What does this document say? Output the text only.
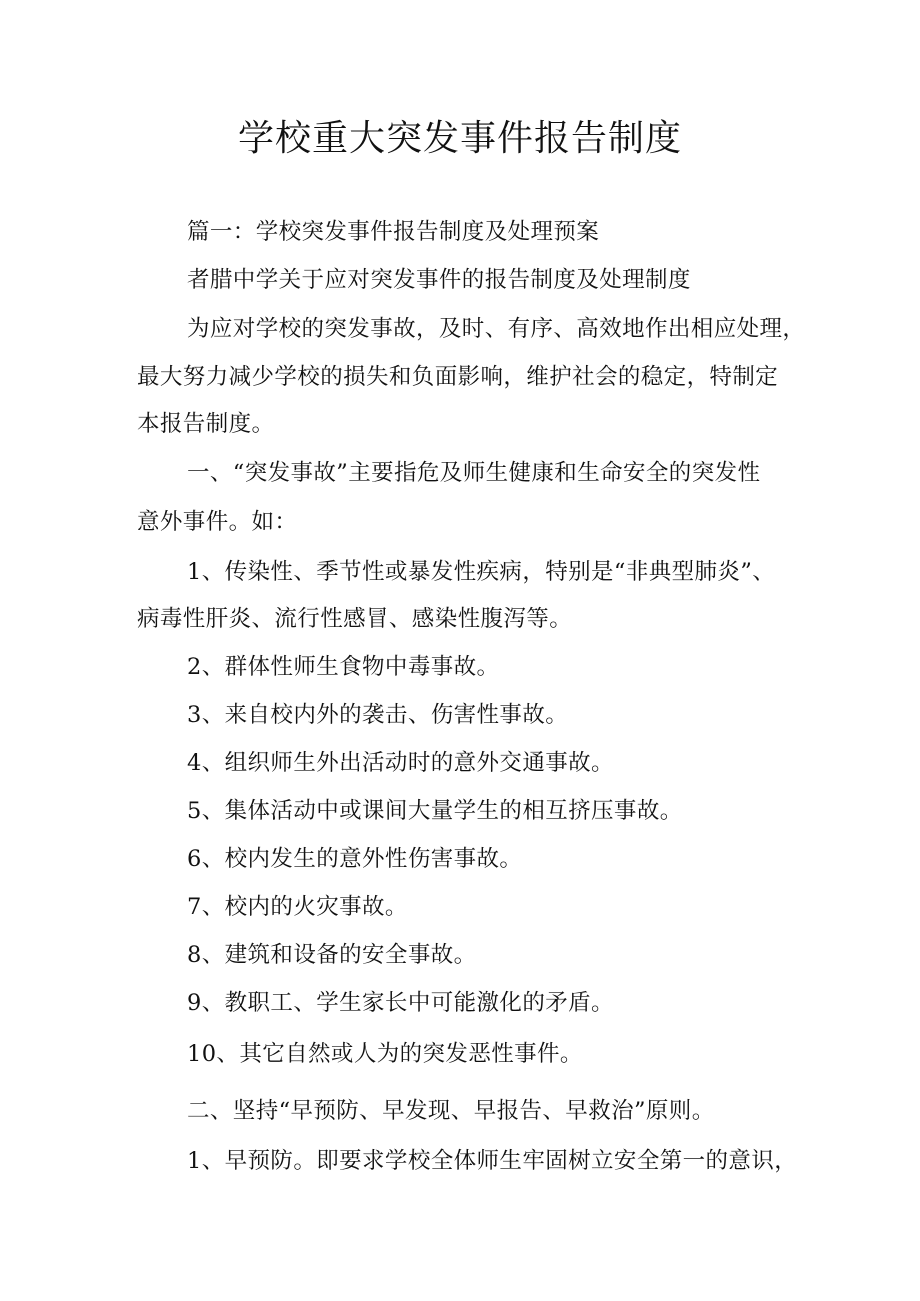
学校重大突发事件报告制度
篇一：学校突发事件报告制度及处理预案
者腊中学关于应对突发事件的报告制度及处理制度
为应对学校的突发事故，及时、有序、高效地作出相应处理，
最大努力减少学校的损失和负面影响，维护社会的稳定，特制定
本报告制度。
一、“突发事故”主要指危及师生健康和生命安全的突发性
意外事件。如：
1、传染性、季节性或暴发性疾病，特别是“非典型肺炎”、
病毒性肝炎、流行性感冒、感染性腹泻等。
2、群体性师生食物中毒事故。
3、来自校内外的袭击、伤害性事故。
4、组织师生外出活动时的意外交通事故。
5、集体活动中或课间大量学生的相互挤压事故。
6、校内发生的意外性伤害事故。
7、校内的火灾事故。
8、建筑和设备的安全事故。
9、教职工、学生家长中可能激化的矛盾。
10、其它自然或人为的突发恶性事件。
二、坚持“早预防、早发现、早报告、早救治”原则。
1、早预防。即要求学校全体师生牢固树立安全第一的意识，
